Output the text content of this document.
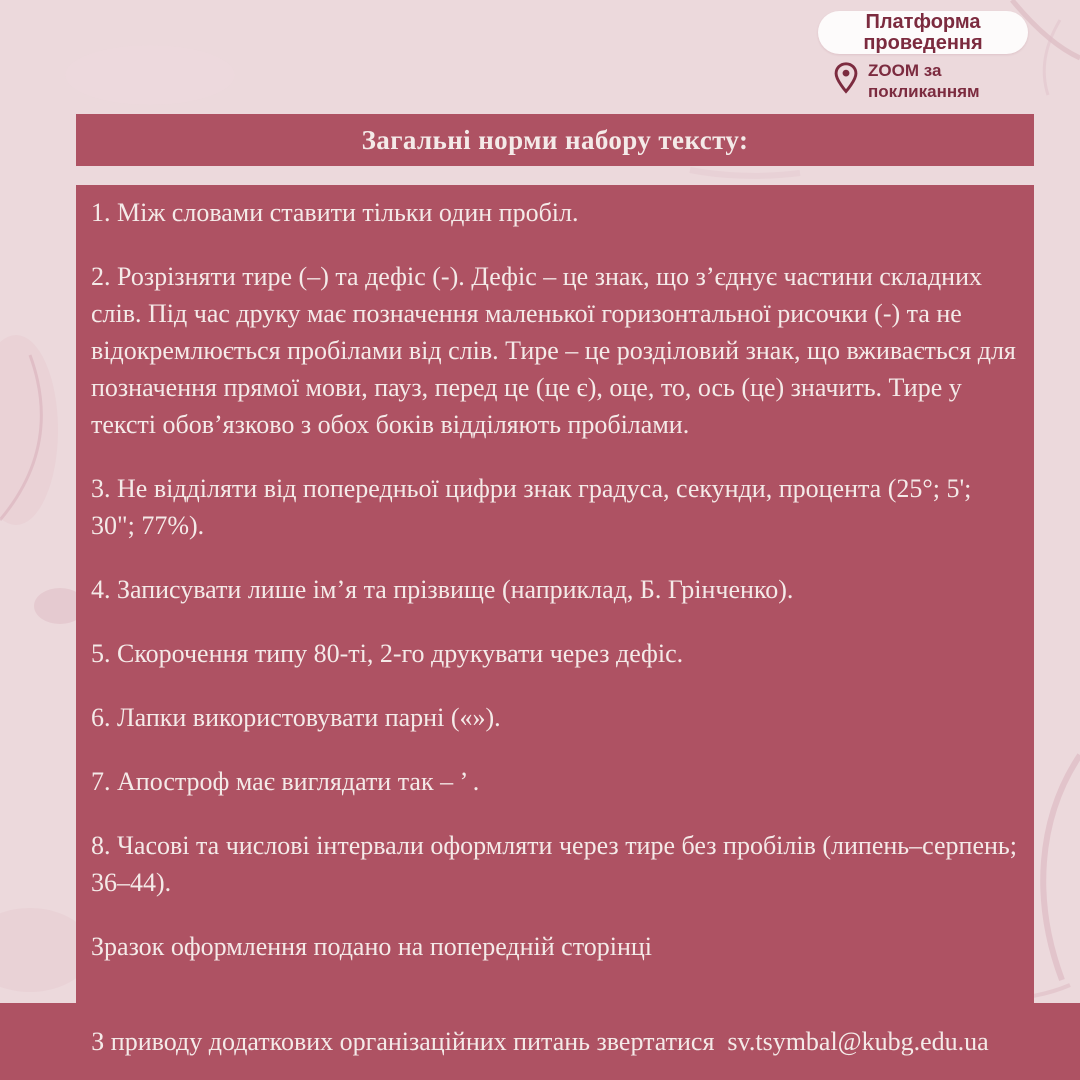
Платформа
проведення
ZOOM за
покликанням
Загальні норми набору тексту:

1. Між словами ставити тільки один пробіл.

2. Розрізняти тире (–) та дефіс (-). Дефіс – це знак, що з’єднує частини складних слів. Під час друку має позначення маленької горизонтальної рисочки (-) та не відокремлюється пробілами від слів. Тире – це розділовий знак, що вживається для позначення прямої мови, пауз, перед це (це є), оце, то, ось (це) значить. Тире у тексті обов’язково з обох боків відділяють пробілами.

3. Не відділяти від попередньої цифри знак градуса, секунди, процента (25°; 5'; 30"; 77%).

4. Записувати лише ім’я та прізвище (наприклад, Б. Грінченко).

5. Скорочення типу 80-ті, 2-го друкувати через дефіс.

6. Лапки використовувати парні («»).

7. Апостроф має виглядати так – ’ .

8. Часові та числові інтервали оформляти через тире без пробілів (липень–серпень; 36–44).

Зразок оформлення подано на попередній сторінці

З приводу додаткових організаційних питань звертатися  sv.tsymbal@kubg.edu.ua
